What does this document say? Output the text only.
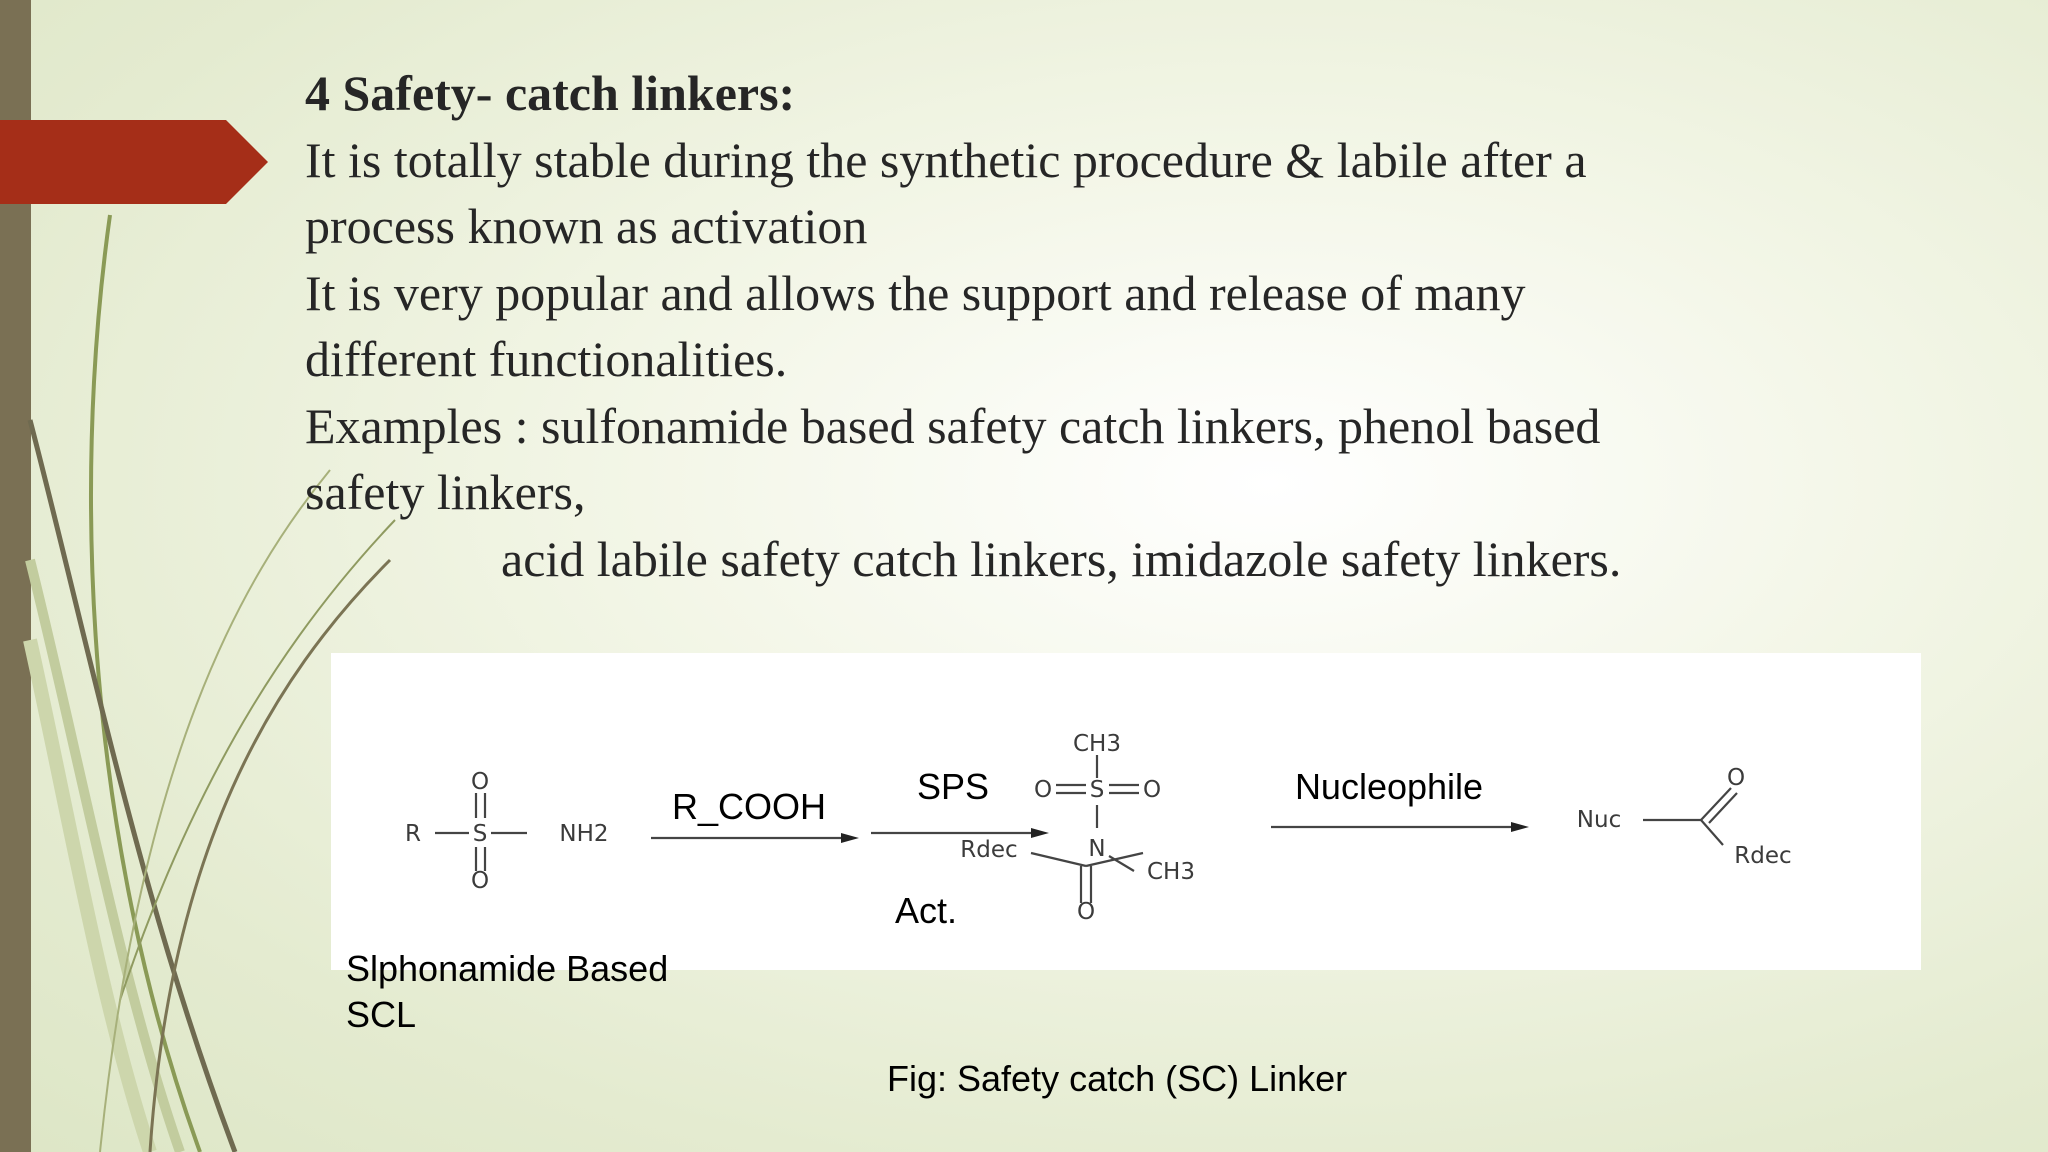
4 Safety- catch linkers:
It is totally stable during the synthetic procedure & labile after a
process known as activation
It is very popular and allows the support and release of many
different functionalities.
Examples : sulfonamide based safety catch linkers, phenol based
safety linkers,
acid labile safety catch linkers, imidazole safety linkers.
R S
O
O
NH2
CH3
S
O	O
N
Rdec
O
CH3
Nuc
O
Rdec
R_COOH	SPS
Act.
Nucleophile
Slphonamide Based
SCL
Fig: Safety catch (SC) Linker
